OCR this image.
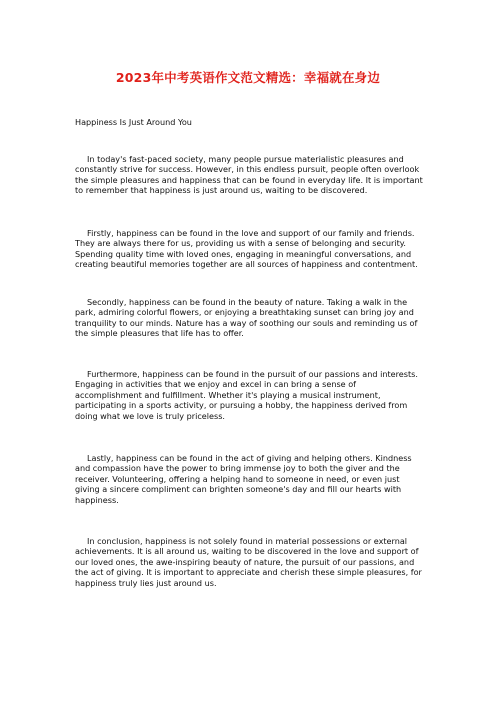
2023年中考英语作文范文精选：幸福就在身边
Happiness Is Just Around You

In today's fast-paced society, many people pursue materialistic pleasures and constantly strive for success. However, in this endless pursuit, people often overlook the simple pleasures and happiness that can be found in everyday life. It is important to remember that happiness is just around us, waiting to be discovered.

Firstly, happiness can be found in the love and support of our family and friends. They are always there for us, providing us with a sense of belonging and security. Spending quality time with loved ones, engaging in meaningful conversations, and creating beautiful memories together are all sources of happiness and contentment.

Secondly, happiness can be found in the beauty of nature. Taking a walk in the park, admiring colorful flowers, or enjoying a breathtaking sunset can bring joy and tranquility to our minds. Nature has a way of soothing our souls and reminding us of the simple pleasures that life has to offer.

Furthermore, happiness can be found in the pursuit of our passions and interests. Engaging in activities that we enjoy and excel in can bring a sense of accomplishment and fulfillment. Whether it's playing a musical instrument, participating in a sports activity, or pursuing a hobby, the happiness derived from doing what we love is truly priceless.

Lastly, happiness can be found in the act of giving and helping others. Kindness and compassion have the power to bring immense joy to both the giver and the receiver. Volunteering, offering a helping hand to someone in need, or even just giving a sincere compliment can brighten someone's day and fill our hearts with happiness.

In conclusion, happiness is not solely found in material possessions or external achievements. It is all around us, waiting to be discovered in the love and support of our loved ones, the awe-inspiring beauty of nature, the pursuit of our passions, and the act of giving. It is important to appreciate and cherish these simple pleasures, for happiness truly lies just around us.
